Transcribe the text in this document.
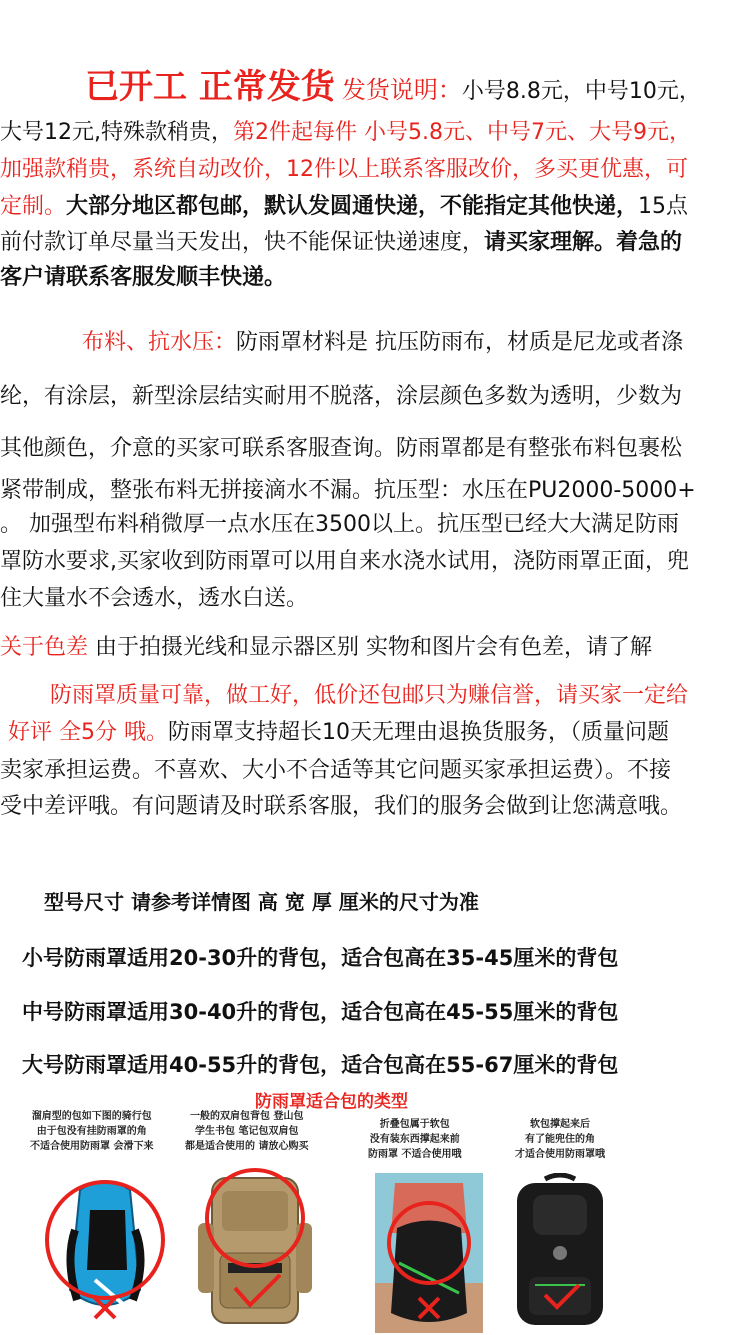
已开工 正常发货 发货说明：小号8.8元，中号10元，
大号12元,特殊款稍贵，第2件起每件 小号5.8元、中号7元、大号9元，
加强款稍贵，系统自动改价，12件以上联系客服改价，多买更优惠，可
定制。大部分地区都包邮，默认发圆通快递，不能指定其他快递，15点
前付款订单尽量当天发出，快不能保证快递速度，请买家理解。着急的
客户请联系客服发顺丰快递。
布料、抗水压：防雨罩材料是 抗压防雨布，材质是尼龙或者涤
纶，有涂层，新型涂层结实耐用不脱落，涂层颜色多数为透明，少数为
其他颜色，介意的买家可联系客服查询。防雨罩都是有整张布料包裹松
紧带制成，整张布料无拼接滴水不漏。抗压型：水压在PU2000-5000+
。 加强型布料稍微厚一点水压在3500以上。抗压型已经大大满足防雨
罩防水要求,买家收到防雨罩可以用自来水浇水试用，浇防雨罩正面，兜
住大量水不会透水，透水白送。
关于色差 由于拍摄光线和显示器区别 实物和图片会有色差，请了解
防雨罩质量可靠，做工好，低价还包邮只为赚信誉，请买家一定给
好评 全5分 哦。防雨罩支持超长10天无理由退换货服务，（质量问题
卖家承担运费。不喜欢、大小不合适等其它问题买家承担运费）。不接
受中差评哦。有问题请及时联系客服，我们的服务会做到让您满意哦。
型号尺寸 请参考详情图 高 宽 厚 厘米的尺寸为准
小号防雨罩适用20-30升的背包，适合包高在35-45厘米的背包
中号防雨罩适用30-40升的背包，适合包高在45-55厘米的背包
大号防雨罩适用40-55升的背包，适合包高在55-67厘米的背包
防雨罩适合包的类型
溜肩型的包如下图的骑行包
由于包没有挂防雨罩的角
不适合使用防雨罩 会滑下来
一般的双肩包背包 登山包
学生书包 笔记包双肩包
都是适合使用的 请放心购买
折叠包属于软包
没有装东西撑起来前
防雨罩 不适合使用哦
软包撑起来后
有了能兜住的角
才适合使用防雨罩哦
